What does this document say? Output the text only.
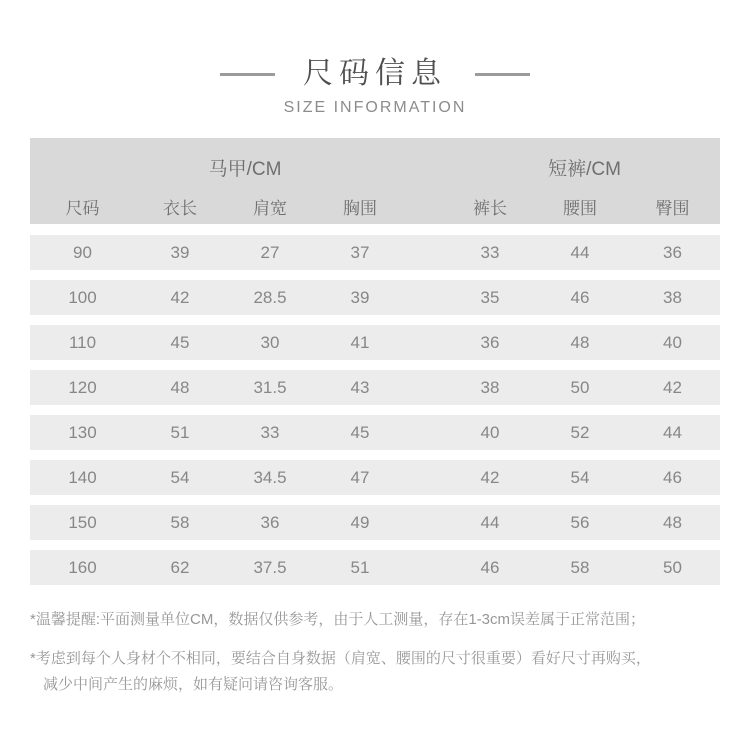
尺码信息
SIZE INFORMATION
马甲/CM	短裤/CM
尺码	衣长	肩宽	胸围	裤长	腰围	臀围
90	39	27	37	33	44	36
100	42	28.5	39	35	46	38
110	45	30	41	36	48	40
120	48	31.5	43	38	50	42
130	51	33	45	40	52	44
140	54	34.5	47	42	54	46
150	58	36	49	44	56	48
160	62	37.5	51	46	58	50
*温馨提醒:平面测量单位CM，数据仅供参考，由于人工测量，存在1-3cm误差属于正常范围；
*考虑到每个人身材个不相同，要结合自身数据（肩宽、腰围的尺寸很重要）看好尺寸再购买，
减少中间产生的麻烦，如有疑问请咨询客服。
